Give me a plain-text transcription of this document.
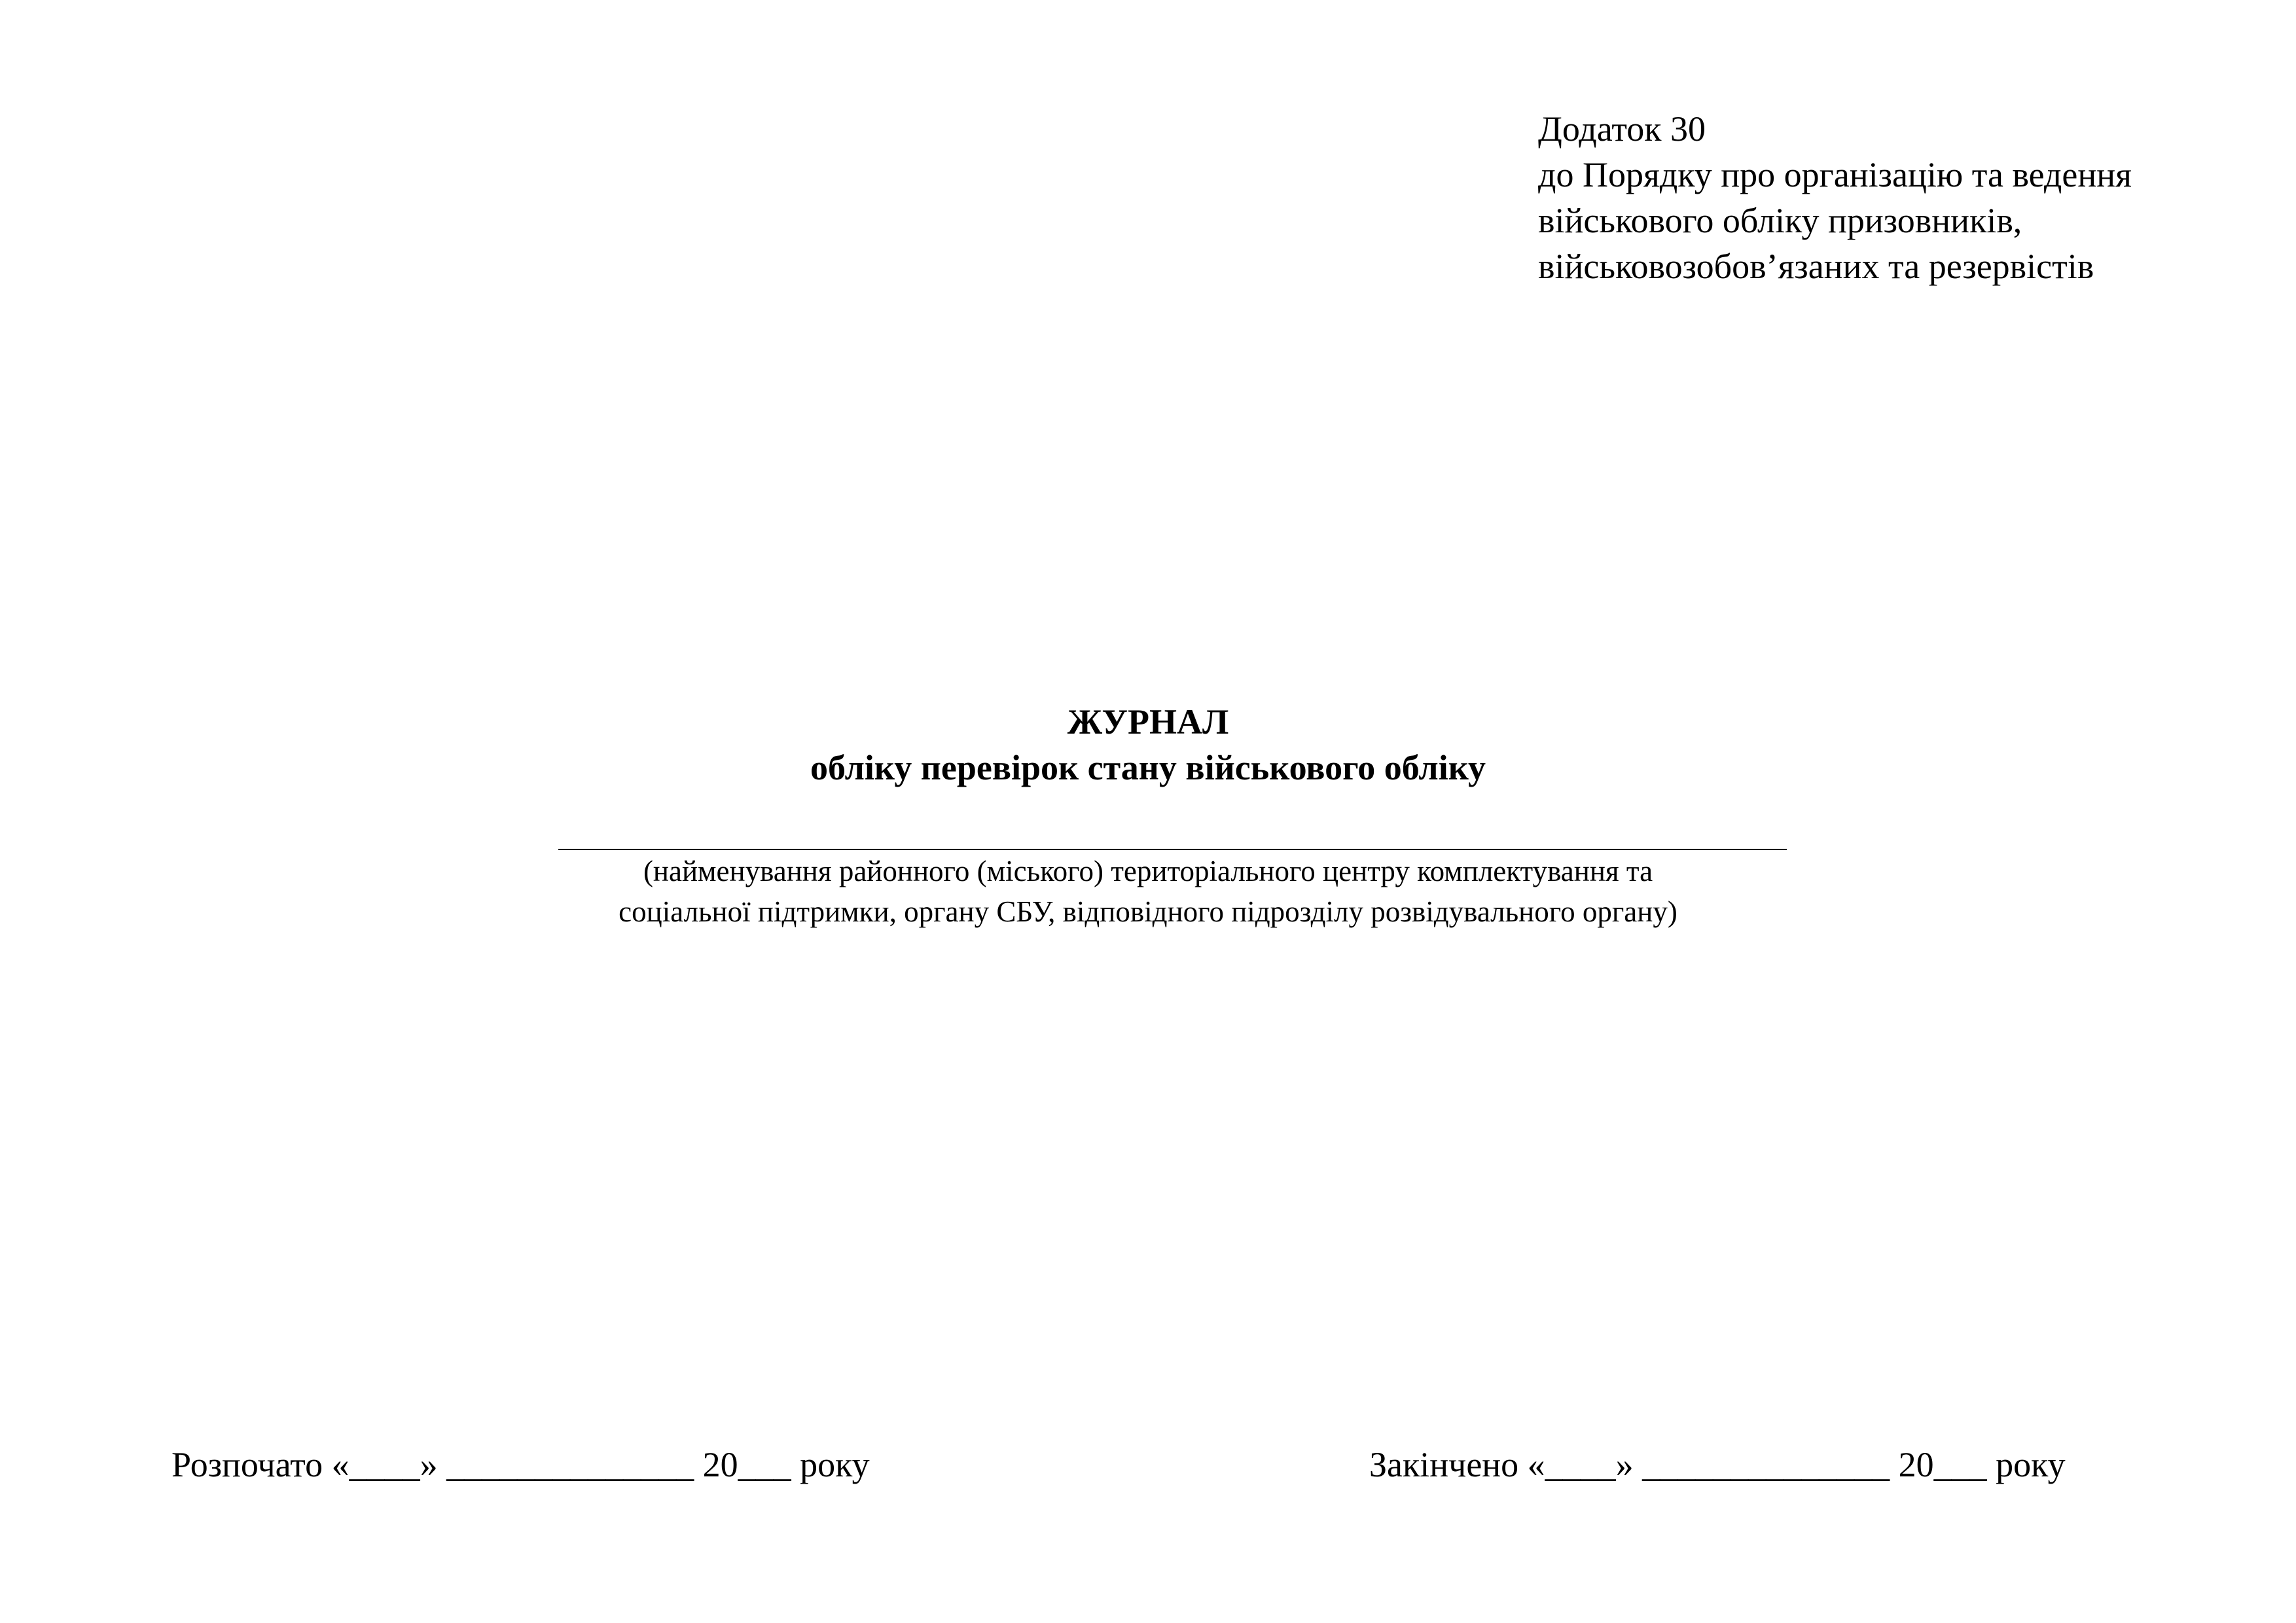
Додаток 30
до Порядку про організацію та ведення
військового обліку призовників,
військовозобов’язаних та резервістів
ЖУРНАЛ
обліку перевірок стану військового обліку
(найменування районного (міського) територіального центру комплектування та
соціальної підтримки, органу СБУ, відповідного підрозділу розвідувального органу)
Розпочато «____» ______________ 20___ року	Закінчено «____» ______________ 20___ року
